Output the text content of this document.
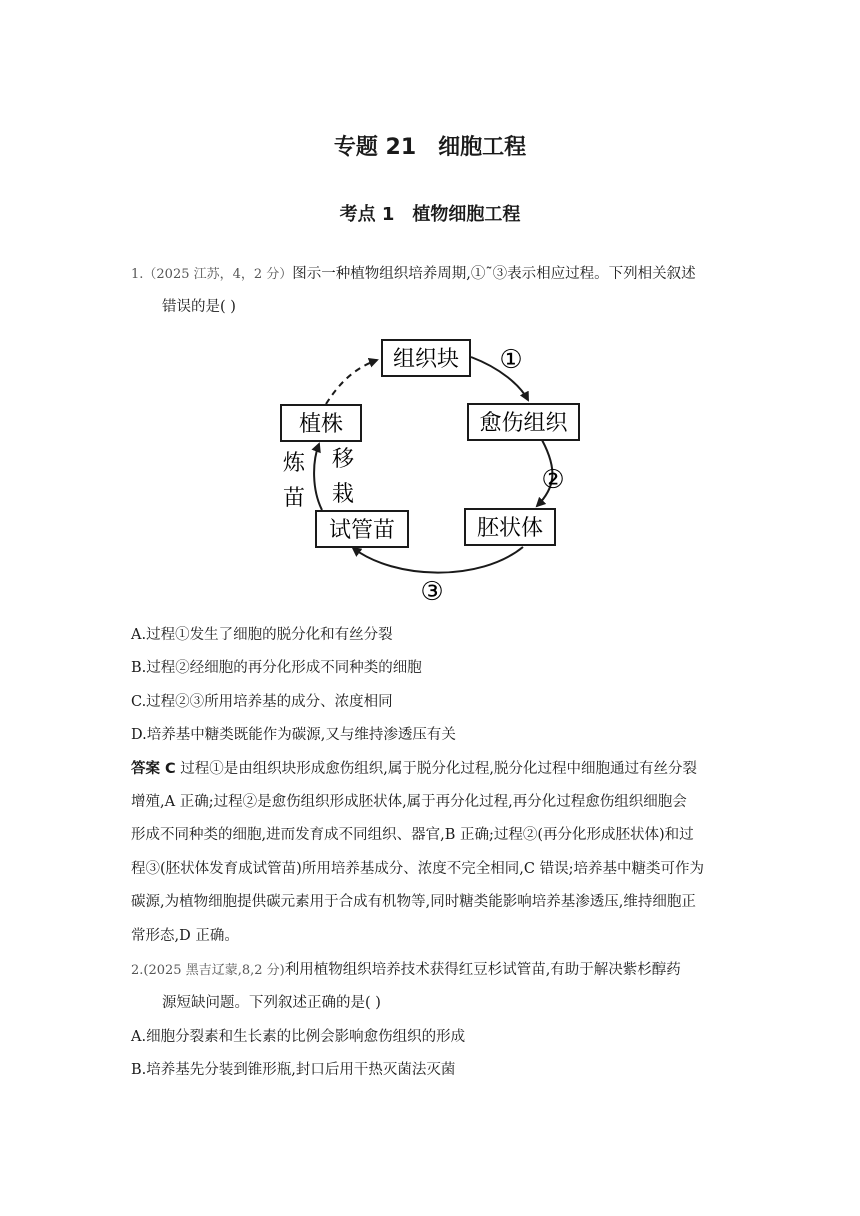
专题 21　细胞工程
考点 1　植物细胞工程
1.（2025 江苏，4，2 分）图示一种植物组织培养周期,①˜③表示相应过程。下列相关叙述
错误的是( )
组织块
愈伤组织
胚状体
试管苗
植株
①
②
③
炼
苗
移
栽
A.过程①发生了细胞的脱分化和有丝分裂
B.过程②经细胞的再分化形成不同种类的细胞
C.过程②③所用培养基的成分、浓度相同
D.培养基中糖类既能作为碳源,又与维持渗透压有关
答案 C 过程①是由组织块形成愈伤组织,属于脱分化过程,脱分化过程中细胞通过有丝分裂
增殖,A 正确;过程②是愈伤组织形成胚状体,属于再分化过程,再分化过程愈伤组织细胞会
形成不同种类的细胞,进而发育成不同组织、器官,B 正确;过程②(再分化形成胚状体)和过
程③(胚状体发育成试管苗)所用培养基成分、浓度不完全相同,C 错误;培养基中糖类可作为
碳源,为植物细胞提供碳元素用于合成有机物等,同时糖类能影响培养基渗透压,维持细胞正
常形态,D 正确。
2.(2025 黑吉辽蒙,8,2 分)利用植物组织培养技术获得红豆杉试管苗,有助于解决紫杉醇药
源短缺问题。下列叙述正确的是( )
A.细胞分裂素和生长素的比例会影响愈伤组织的形成
B.培养基先分装到锥形瓶,封口后用干热灭菌法灭菌
